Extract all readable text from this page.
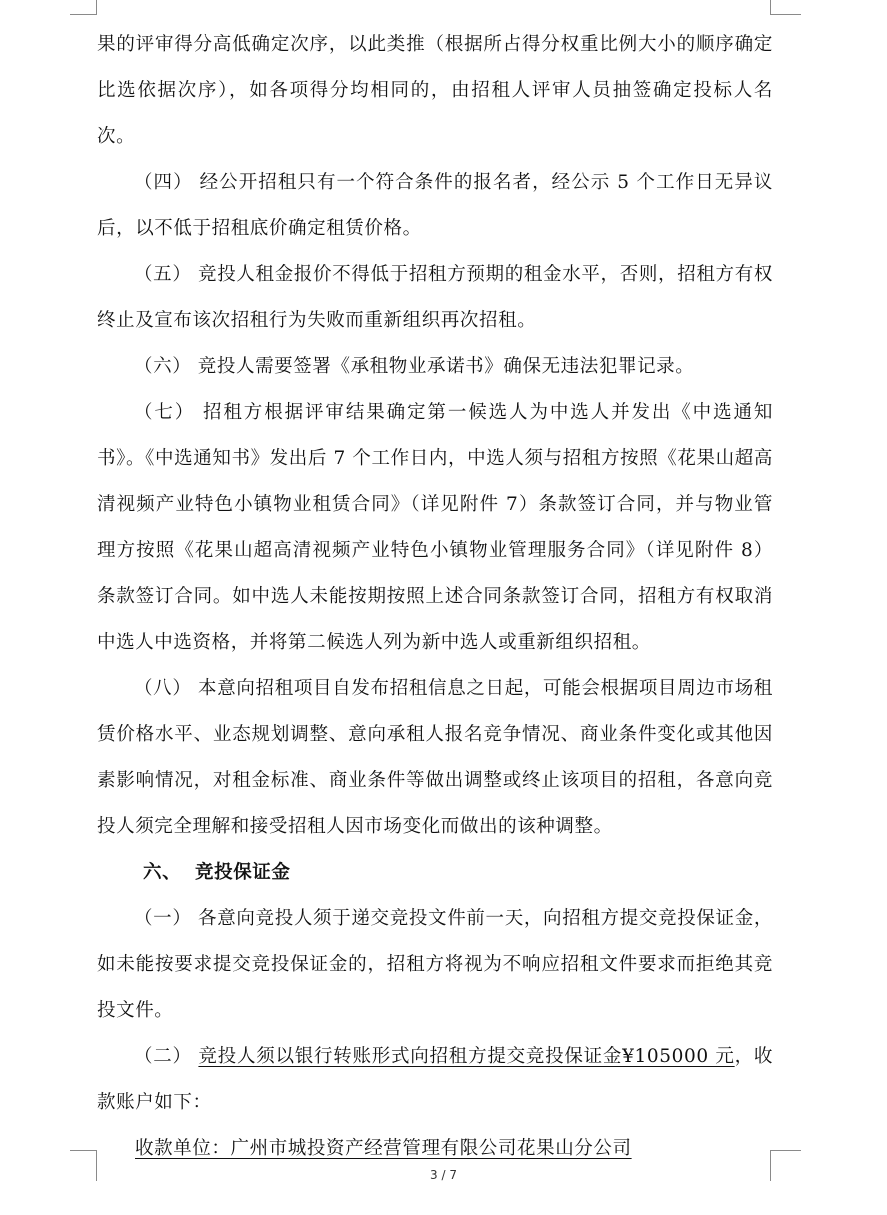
果的评审得分高低确定次序，以此类推（根据所占得分权重比例大小的顺序确定比选依据次序），如各项得分均相同的，由招租人评审人员抽签确定投标人名次。

（四） 经公开招租只有一个符合条件的报名者，经公示 5 个工作日无异议后，以不低于招租底价确定租赁价格。

（五） 竞投人租金报价不得低于招租方预期的租金水平，否则，招租方有权终止及宣布该次招租行为失败而重新组织再次招租。

（六） 竞投人需要签署《承租物业承诺书》确保无违法犯罪记录。

（七） 招租方根据评审结果确定第一候选人为中选人并发出《中选通知书》。《中选通知书》发出后 7 个工作日内，中选人须与招租方按照《花果山超高清视频产业特色小镇物业租赁合同》（详见附件 7）条款签订合同，并与物业管理方按照《花果山超高清视频产业特色小镇物业管理服务合同》（详见附件 8）条款签订合同。如中选人未能按期按照上述合同条款签订合同，招租方有权取消中选人中选资格，并将第二候选人列为新中选人或重新组织招租。

（八） 本意向招租项目自发布招租信息之日起，可能会根据项目周边市场租赁价格水平、业态规划调整、意向承租人报名竞争情况、商业条件变化或其他因素影响情况，对租金标准、商业条件等做出调整或终止该项目的招租，各意向竞投人须完全理解和接受招租人因市场变化而做出的该种调整。

六、 竞投保证金

（一） 各意向竞投人须于递交竞投文件前一天，向招租方提交竞投保证金，如未能按要求提交竞投保证金的，招租方将视为不响应招租文件要求而拒绝其竞投文件。

（二） 竞投人须以银行转账形式向招租方提交竞投保证金¥105000 元，收款账户如下：

收款单位：广州市城投资产经营管理有限公司花果山分公司

3 / 7
